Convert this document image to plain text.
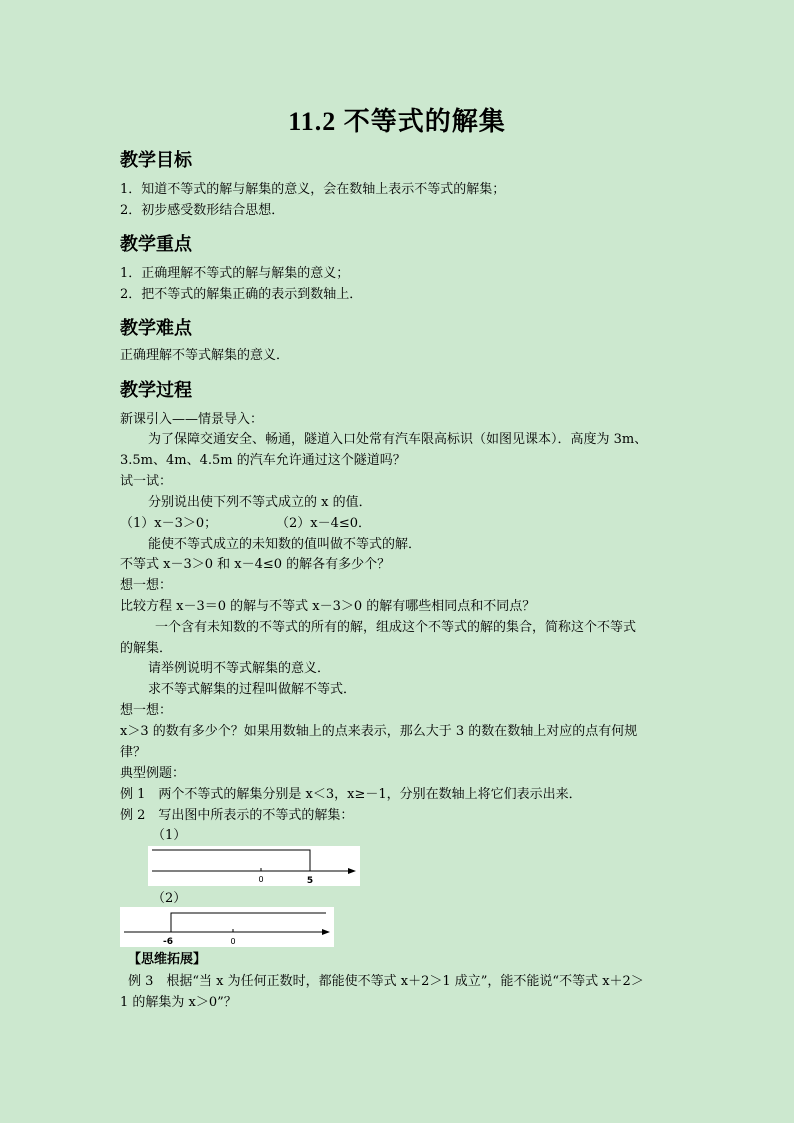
11.2 不等式的解集
教学目标
1．知道不等式的解与解集的意义，会在数轴上表示不等式的解集；
2．初步感受数形结合思想．
教学重点
1．正确理解不等式的解与解集的意义；
2．把不等式的解集正确的表示到数轴上．
教学难点
正确理解不等式解集的意义．
教学过程
新课引入——情景导入：
为了保障交通安全、畅通，隧道入口处常有汽车限高标识（如图见课本）．高度为 3m、
3.5m、4m、4.5m 的汽车允许通过这个隧道吗？
试一试：
分别说出使下列不等式成立的 x 的值．
（1）x－3＞0；	（2）x－4≤0．
能使不等式成立的未知数的值叫做不等式的解．
不等式 x－3＞0 和 x－4≤0 的解各有多少个？
想一想：
比较方程 x－3＝0 的解与不等式 x－3＞0 的解有哪些相同点和不同点？
一个含有未知数的不等式的所有的解，组成这个不等式的解的集合，简称这个不等式
的解集．
请举例说明不等式解集的意义．
求不等式解集的过程叫做解不等式．
想一想：
x＞3 的数有多少个？如果用数轴上的点来表示，那么大于 3 的数在数轴上对应的点有何规
律？
典型例题：
例 1　两个不等式的解集分别是 x＜3，x≥－1，分别在数轴上将它们表示出来．
例 2　写出图中所表示的不等式的解集：
（1）
0	5
（2）
-6	0
【思维拓展】
例 3　根据“当 x 为任何正数时，都能使不等式 x＋2＞1 成立”，能不能说“不等式 x＋2＞
1 的解集为 x＞0”？
